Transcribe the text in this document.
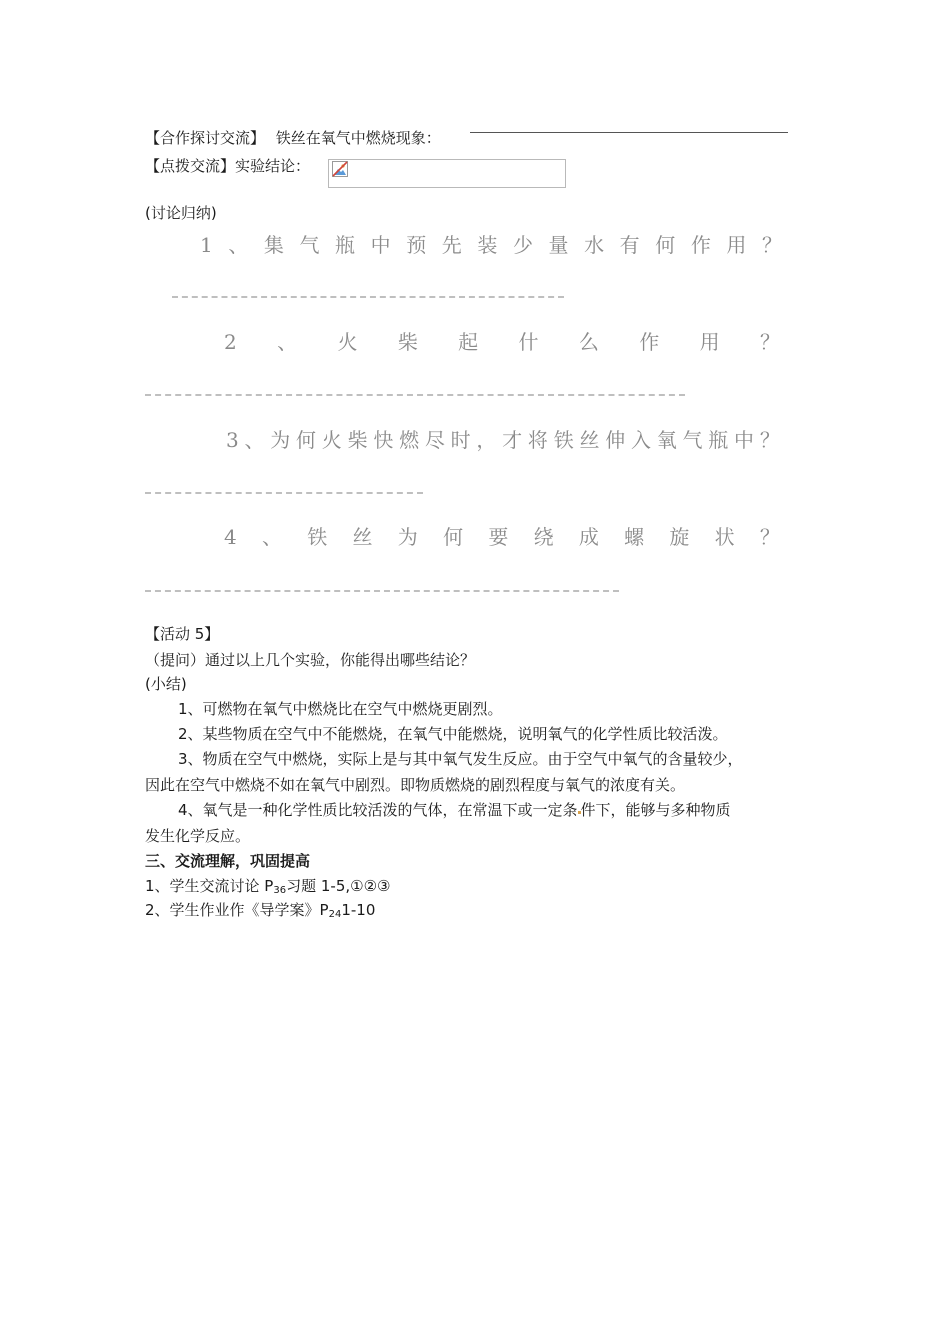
【合作探讨交流】 铁丝在氧气中燃烧现象：
【点拨交流】实验结论：
(讨论归纳)
1 、 集 气 瓶 中 预 先 装 少 量 水 有 何 作 用 ？
2 、 火 柴 起 什 么 作 用 ？
3 、 为 何 火 柴 快 燃 尽 时 ， 才 将 铁 丝 伸 入 氧 气 瓶 中 ？
4 、 铁 丝 为 何 要 绕 成 螺 旋 状 ？
【活动 5】
（提问）通过以上几个实验，你能得出哪些结论？
(小结)
1、可燃物在氧气中燃烧比在空气中燃烧更剧烈。
2、某些物质在空气中不能燃烧，在氧气中能燃烧，说明氧气的化学性质比较活泼。
3、物质在空气中燃烧，实际上是与其中氧气发生反应。由于空气中氧气的含量较少，
因此在空气中燃烧不如在氧气中剧烈。即物质燃烧的剧烈程度与氧气的浓度有关。
4、氧气是一种化学性质比较活泼的气体，在常温下或一定条 件下，能够与多种物质
发生化学反应。
三、交流理解，巩固提高
1、学生交流讨论 $P_{36}$习题 1-5,①②③
2、学生作业作《导学案》$P_{24}1-10$
